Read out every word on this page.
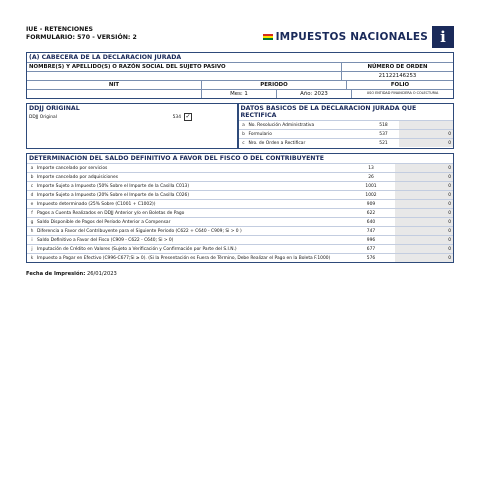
IUE - RETENCIONES
FORMULARIO: 570 - VERSIÓN: 2	IMPUESTOS NACIONALES i
(A) CABECERA DE LA DECLARACION JURADA
NOMBRE(S) Y APELLIDO(S) O RAZÓN SOCIAL DEL SUJETO PASIVO	NÚMERO DE ORDEN
21122146253
NIT	PERIODO	FOLIO
Mes: 1	Año: 2023	USO ENTIDAD FINANCIERA O COLECTURIA
DDJJ ORIGINAL
DDJJ Original	534 ✓
DATOS BASICOS DE LA DECLARACION JURADA QUE RECTIFICA
a No. Resolución Administrativa	518
b Formulario	537	0
c Nro. de Orden a Rectificar	521	0
DETERMINACION DEL SALDO DEFINITIVO A FAVOR DEL FISCO O DEL CONTRIBUYENTE
a Importe cancelado por servicios	13	0
b Importe cancelado por adquisiciones	26	0
c Importe Sujeto a Impuesto (50% Sobre el Importe de la Casilla C013)	1001	0
d Importe Sujeto a Impuesto (20% Sobre el Importe de la Casilla C026)	1002	0
e Impuesto determinado (25% Sobre (C1001 + C1002))	909	0
f Pagos a Cuenta Realizados en DDJJ Anterior y/o en Boletas de Pago	622	0
g Saldo Disponible de Pagos del Período Anterior a Compensar	640	0
h Diferencia a Favor del Contribuyente para el Siguiente Período (C622 + C640 - C909; Si > 0 )	747	0
i Saldo Definitivo a Favor del Fisco (C909 - C622 - C640; Si > 0)	996	0
j Imputación de Crédito en Valores (Sujeto a Verificación y Confirmación por Parte del S.I.N.)	677	0
k Impuesto a Pagar en Efectivo (C996-C677;Si ≥ 0). (Si la Presentación es Fuera de Término, Debe Realizar el Pago en la Boleta F.1000)	576	0
Fecha de Impresión: 26/01/2023
